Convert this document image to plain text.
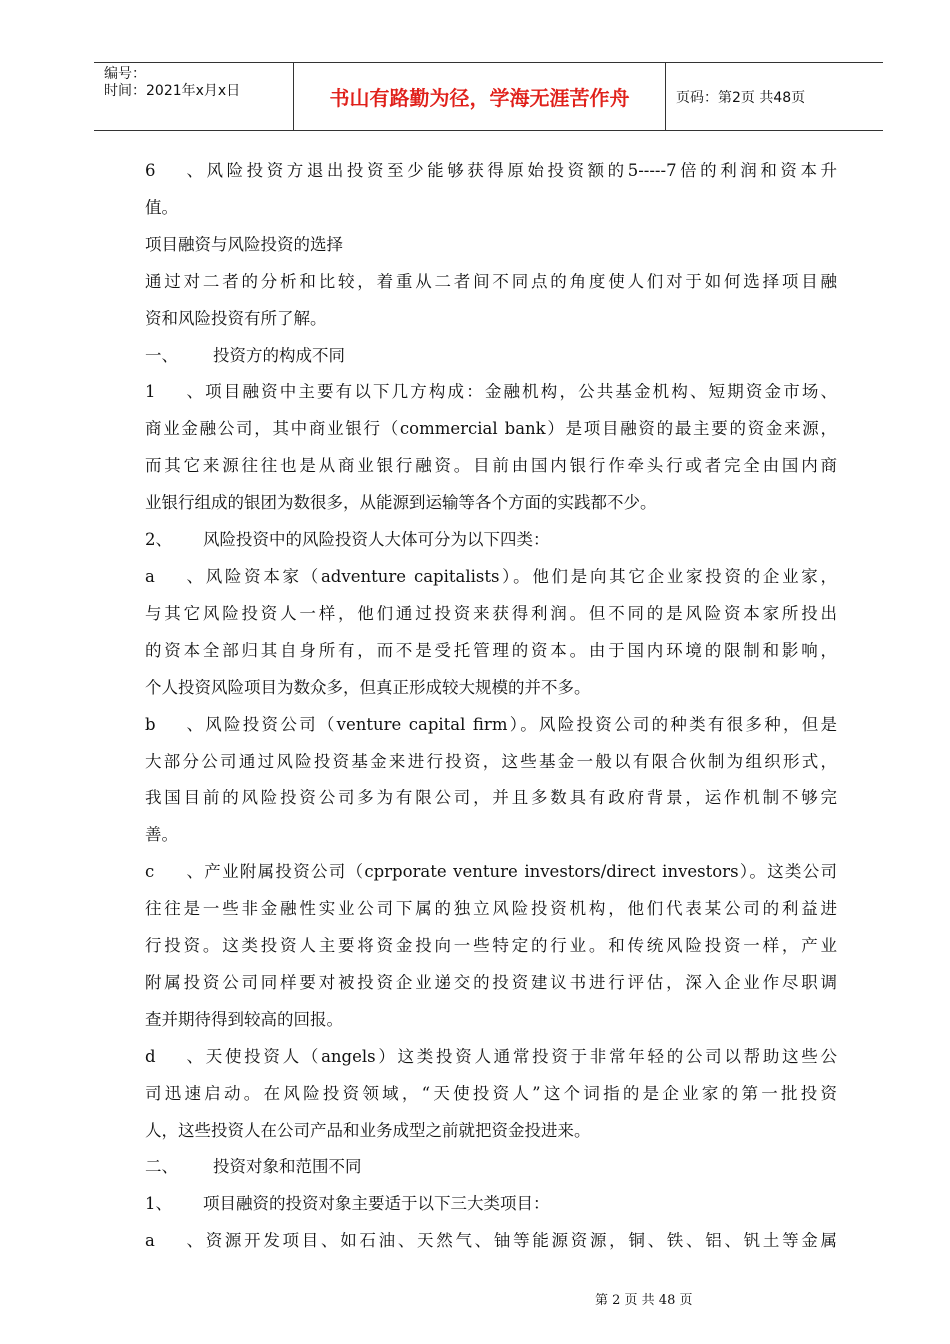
编号：
时间：2021年x月x日	书山有路勤为径，学海无涯苦作舟	页码：第2页 共48页
6、风险投资方退出投资至少能够获得原始投资额的5-----7倍的利润和资本升
值。
项目融资与风险投资的选择
通过对二者的分析和比较，着重从二者间不同点的角度使人们对于如何选择项目融
资和风险投资有所了解。
一、 投资方的构成不同
1、项目融资中主要有以下几方构成：金融机构，公共基金机构、短期资金市场、
商业金融公司，其中商业银行（commercial bank）是项目融资的最主要的资金来源，
而其它来源往往也是从商业银行融资。目前由国内银行作牵头行或者完全由国内商
业银行组成的银团为数很多，从能源到运输等各个方面的实践都不少。
2、 风险投资中的风险投资人大体可分为以下四类：
a、风险资本家（adventure capitalists）。他们是向其它企业家投资的企业家，
与其它风险投资人一样，他们通过投资来获得利润。但不同的是风险资本家所投出
的资本全部归其自身所有，而不是受托管理的资本。由于国内环境的限制和影响，
个人投资风险项目为数众多，但真正形成较大规模的并不多。
b、风险投资公司（venture capital firm）。风险投资公司的种类有很多种，但是
大部分公司通过风险投资基金来进行投资，这些基金一般以有限合伙制为组织形式，
我国目前的风险投资公司多为有限公司，并且多数具有政府背景，运作机制不够完
善。
c、产业附属投资公司（cprporate venture investors/direct investors）。这类公司
往往是一些非金融性实业公司下属的独立风险投资机构，他们代表某公司的利益进
行投资。这类投资人主要将资金投向一些特定的行业。和传统风险投资一样，产业
附属投资公司同样要对被投资企业递交的投资建议书进行评估，深入企业作尽职调
查并期待得到较高的回报。
d、天使投资人（angels）这类投资人通常投资于非常年轻的公司以帮助这些公
司迅速启动。在风险投资领域，“天使投资人”这个词指的是企业家的第一批投资
人，这些投资人在公司产品和业务成型之前就把资金投进来。
二、 投资对象和范围不同
1、 项目融资的投资对象主要适于以下三大类项目：
a、资源开发项目、如石油、天然气、铀等能源资源，铜、铁、铝、钒土等金属
第 2 页 共 48 页
